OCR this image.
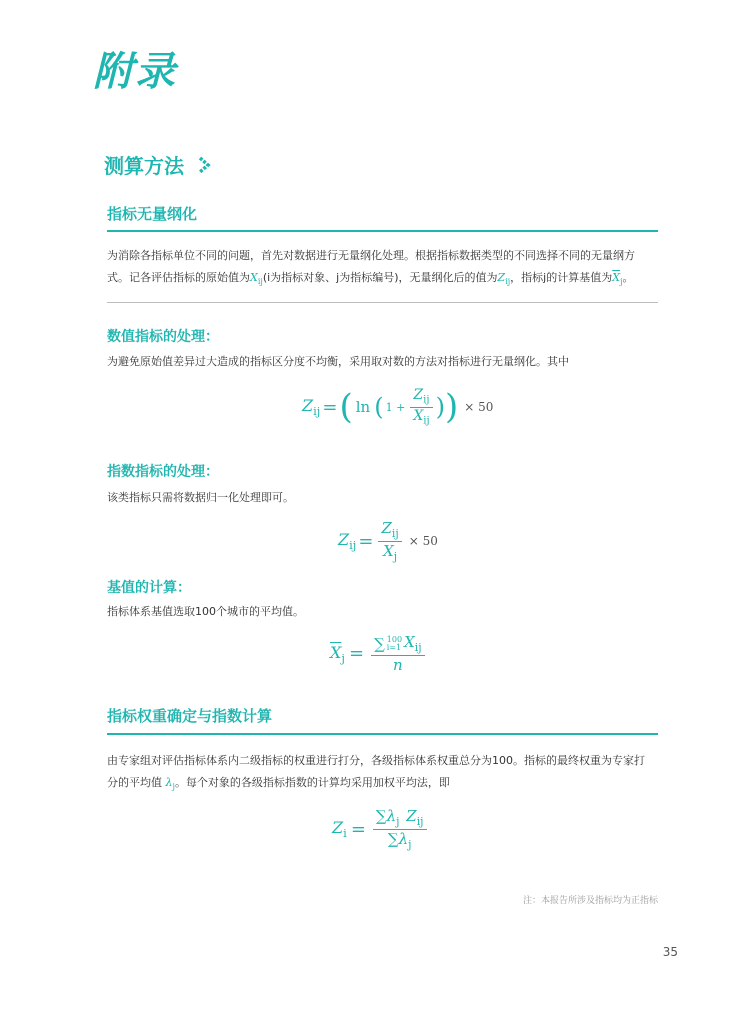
附录
测算方法
指标无量纲化
为消除各指标单位不同的问题，首先对数据进行无量纲化处理。根据指标数据类型的不同选择不同的无量纲方
式。记各评估指标的原始值为$X_{ij}(i$为指标对象、j为指标编号)，无量纲化后的值为$Z_{ij}$，指标j的计算基值为$\overline{X}_j$。
数值指标的处理：
为避免原始值差异过大造成的指标区分度不均衡，采用取对数的方法对指标进行无量纲化。其中
$Z_{ij}$ = ( ln ( $1 + \frac{Z_{ij}}{\overline{X}_{ij}}$ ) ) × 50
指数指标的处理：
该类指标只需将数据归一化处理即可。
$Z_{ij} = \frac{Z_{ij}}{\overline{X}_j} \times 50$
基值的计算：
指标体系基值选取100个城市的平均值。
$\overline{X}_j$ = ∑ 100
i=1 $X_{ij}$
n
指标权重确定与指数计算
由专家组对评估指标体系内二级指标的权重进行打分，各级指标体系权重总分为100。指标的最终权重为专家打
分的平均值 $\lambda_j$。每个对象的各级指标指数的计算均采用加权平均法，即
$Z_i = \frac{\sum\lambda_j Z_{ij}}{\sum\lambda_j}$
注：本报告所涉及指标均为正指标
35
